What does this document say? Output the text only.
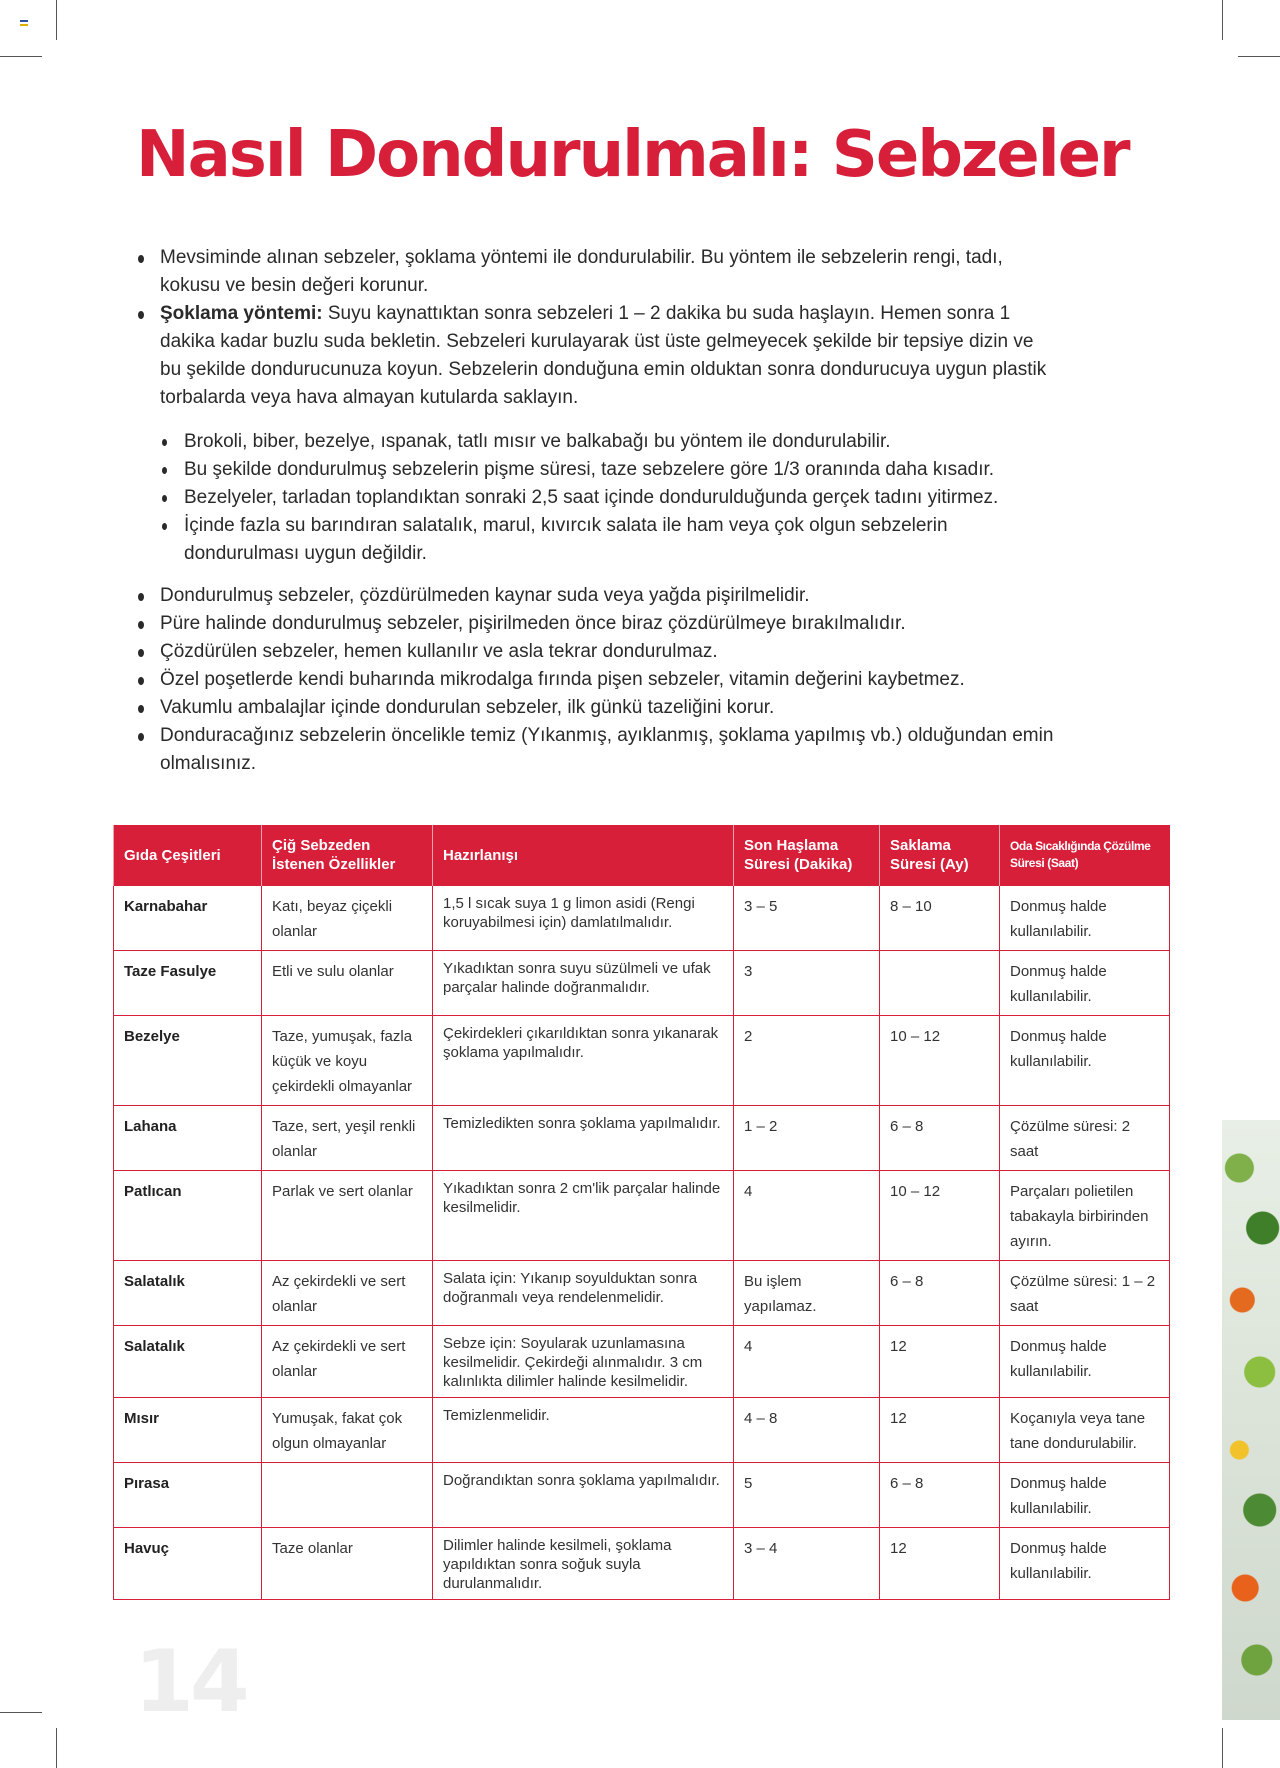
Nasıl Dondurulmalı: Sebzeler
Mevsiminde alınan sebzeler, şoklama yöntemi ile dondurulabilir. Bu yöntem ile sebzelerin rengi, tadı, kokusu ve besin değeri korunur.
Şoklama yöntemi: Suyu kaynattıktan sonra sebzeleri 1 – 2 dakika bu suda haşlayın. Hemen sonra 1 dakika kadar buzlu suda bekletin. Sebzeleri kurulayarak üst üste gelmeyecek şekilde bir tepsiye dizin ve bu şekilde dondurucunuza koyun. Sebzelerin donduğuna emin olduktan sonra dondurucuya uygun plastik torbalarda veya hava almayan kutularda saklayın.
Brokoli, biber, bezelye, ıspanak, tatlı mısır ve balkabağı bu yöntem ile dondurulabilir.
Bu şekilde dondurulmuş sebzelerin pişme süresi, taze sebzelere göre 1/3 oranında daha kısadır.
Bezelyeler, tarladan toplandıktan sonraki 2,5 saat içinde dondurulduğunda gerçek tadını yitirmez.
İçinde fazla su barındıran salatalık, marul, kıvırcık salata ile ham veya çok olgun sebzelerin dondurulması uygun değildir.
Dondurulmuş sebzeler, çözdürülmeden kaynar suda veya yağda pişirilmelidir.
Püre halinde dondurulmuş sebzeler, pişirilmeden önce biraz çözdürülmeye bırakılmalıdır.
Çözdürülen sebzeler, hemen kullanılır ve asla tekrar dondurulmaz.
Özel poşetlerde kendi buharında mikrodalga fırında pişen sebzeler, vitamin değerini kaybetmez.
Vakumlu ambalajlar içinde dondurulan sebzeler, ilk günkü tazeliğini korur.
Donduracağınız sebzelerin öncelikle temiz (Yıkanmış, ayıklanmış, şoklama yapılmış vb.) olduğundan emin olmalısınız.
Gıda Çeşitleri	Çiğ Sebzeden İstenen Özellikler	Hazırlanışı	Son Haşlama Süresi (Dakika)	Saklama Süresi (Ay)	Oda Sıcaklığında Çözülme Süresi (Saat)
Karnabahar	Katı, beyaz çiçekli olanlar	1,5 l sıcak suya 1 g limon asidi (Rengi koruyabilmesi için) damlatılmalıdır.	3 – 5	8 – 10	Donmuş halde kullanılabilir.
Taze Fasulye	Etli ve sulu olanlar	Yıkadıktan sonra suyu süzülmeli ve ufak parçalar halinde doğranmalıdır.	3		Donmuş halde kullanılabilir.
Bezelye	Taze, yumuşak, fazla küçük ve koyu çekirdekli olmayanlar	Çekirdekleri çıkarıldıktan sonra yıkanarak şoklama yapılmalıdır.	2	10 – 12	Donmuş halde kullanılabilir.
Lahana	Taze, sert, yeşil renkli olanlar	Temizledikten sonra şoklama yapılmalıdır.	1 – 2	6 – 8	Çözülme süresi: 2 saat
Patlıcan	Parlak ve sert olanlar	Yıkadıktan sonra 2 cm'lik parçalar halinde kesilmelidir.	4	10 – 12	Parçaları polietilen tabakayla birbirinden ayırın.
Salatalık	Az çekirdekli ve sert olanlar	Salata için: Yıkanıp soyulduktan sonra doğranmalı veya rendelenmelidir.	Bu işlem yapılamaz.	6 – 8	Çözülme süresi: 1 – 2 saat
Salatalık	Az çekirdekli ve sert olanlar	Sebze için: Soyularak uzunlamasına kesilmelidir. Çekirdeği alınmalıdır. 3 cm kalınlıkta dilimler halinde kesilmelidir.	4	12	Donmuş halde kullanılabilir.
Mısır	Yumuşak, fakat çok olgun olmayanlar	Temizlenmelidir.	4 – 8	12	Koçanıyla veya tane tane dondurulabilir.
Pırasa		Doğrandıktan sonra şoklama yapılmalıdır.	5	6 – 8	Donmuş halde kullanılabilir.
Havuç	Taze olanlar	Dilimler halinde kesilmeli, şoklama yapıldıktan sonra soğuk suyla durulanmalıdır.	3 – 4	12	Donmuş halde kullanılabilir.
14
